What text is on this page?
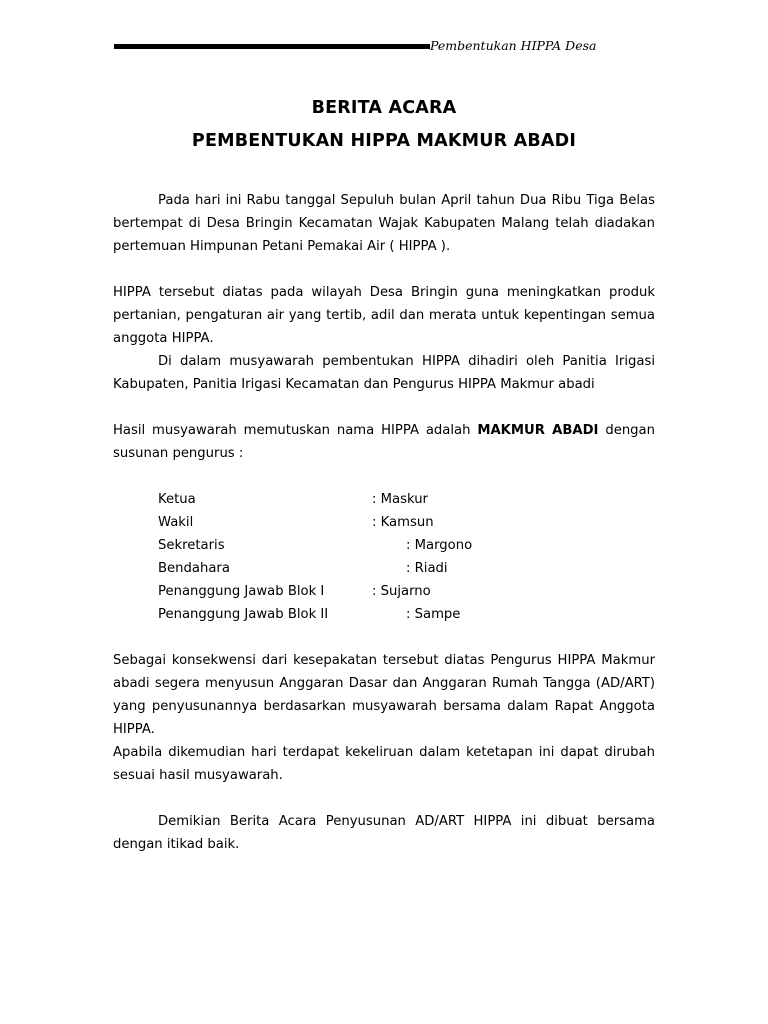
Pembentukan HIPPA Desa
BERITA ACARA
PEMBENTUKAN HIPPA MAKMUR ABADI
Pada hari ini Rabu tanggal Sepuluh bulan April tahun Dua Ribu Tiga Belas bertempat di Desa Bringin Kecamatan Wajak Kabupaten Malang telah diadakan pertemuan Himpunan Petani Pemakai Air ( HIPPA ).
HIPPA tersebut diatas pada wilayah Desa Bringin guna meningkatkan produk pertanian, pengaturan air yang tertib, adil dan merata untuk kepentingan semua anggota HIPPA.
Di dalam musyawarah pembentukan HIPPA dihadiri oleh Panitia Irigasi Kabupaten, Panitia Irigasi Kecamatan dan Pengurus HIPPA Makmur abadi
Hasil musyawarah memutuskan nama HIPPA adalah MAKMUR ABADI dengan susunan pengurus :
Ketua	: Maskur
Wakil	: Kamsun
Sekretaris	: Margono
Bendahara	: Riadi
Penanggung Jawab Blok I	: Sujarno
Penanggung Jawab Blok II	: Sampe
Sebagai konsekwensi dari kesepakatan tersebut diatas Pengurus HIPPA Makmur abadi segera menyusun Anggaran Dasar dan Anggaran Rumah Tangga (AD/ART) yang penyusunannya berdasarkan musyawarah bersama dalam Rapat Anggota HIPPA.
Apabila dikemudian hari terdapat kekeliruan dalam ketetapan ini dapat dirubah sesuai hasil musyawarah.
Demikian Berita Acara Penyusunan AD/ART HIPPA ini dibuat bersama dengan itikad baik.
